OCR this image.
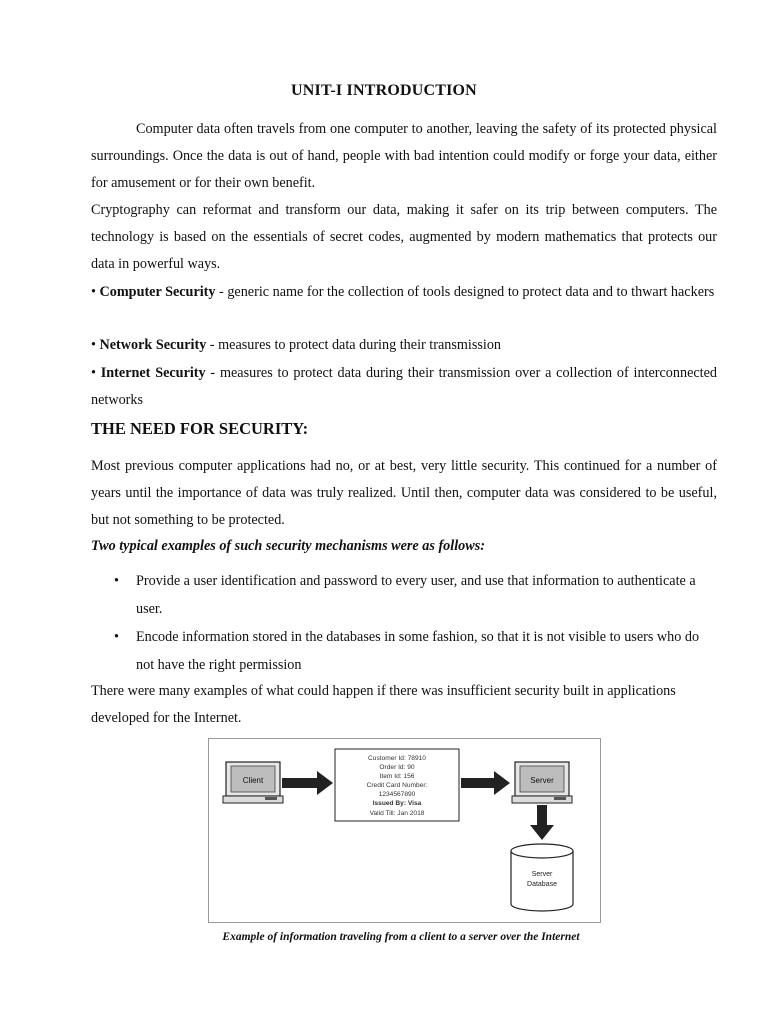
UNIT-I INTRODUCTION

Computer data often travels from one computer to another, leaving the safety of its protected physical surroundings. Once the data is out of hand, people with bad intention could modify or forge your data, either for amusement or for their own benefit.

Cryptography can reformat and transform our data, making it safer on its trip between computers. The technology is based on the essentials of secret codes, augmented by modern mathematics that protects our data in powerful ways.

• Computer Security - generic name for the collection of tools designed to protect data and to thwart hackers

• Network Security - measures to protect data during their transmission

• Internet Security - measures to protect data during their transmission over a collection of interconnected networks

THE NEED FOR SECURITY:

Most previous computer applications had no, or at best, very little security. This continued for a number of years until the importance of data was truly realized. Until then, computer data was considered to be useful, but not something to be protected.

Two typical examples of such security mechanisms were as follows:
• Provide a user identification and password to every user, and use that information to authenticate a user.
• Encode information stored in the databases in some fashion, so that it is not visible to users who do not have the right permission

There were many examples of what could happen if there was insufficient security built in applications developed for the Internet.

Client
Customer Id: 78910
Order Id: 90
Item Id: 156
Credit Card Number:
1234567890
Issued By: Visa
Valid Till: Jan 2018
Server
Server
Database
Example of information traveling from a client to a server over the Internet
